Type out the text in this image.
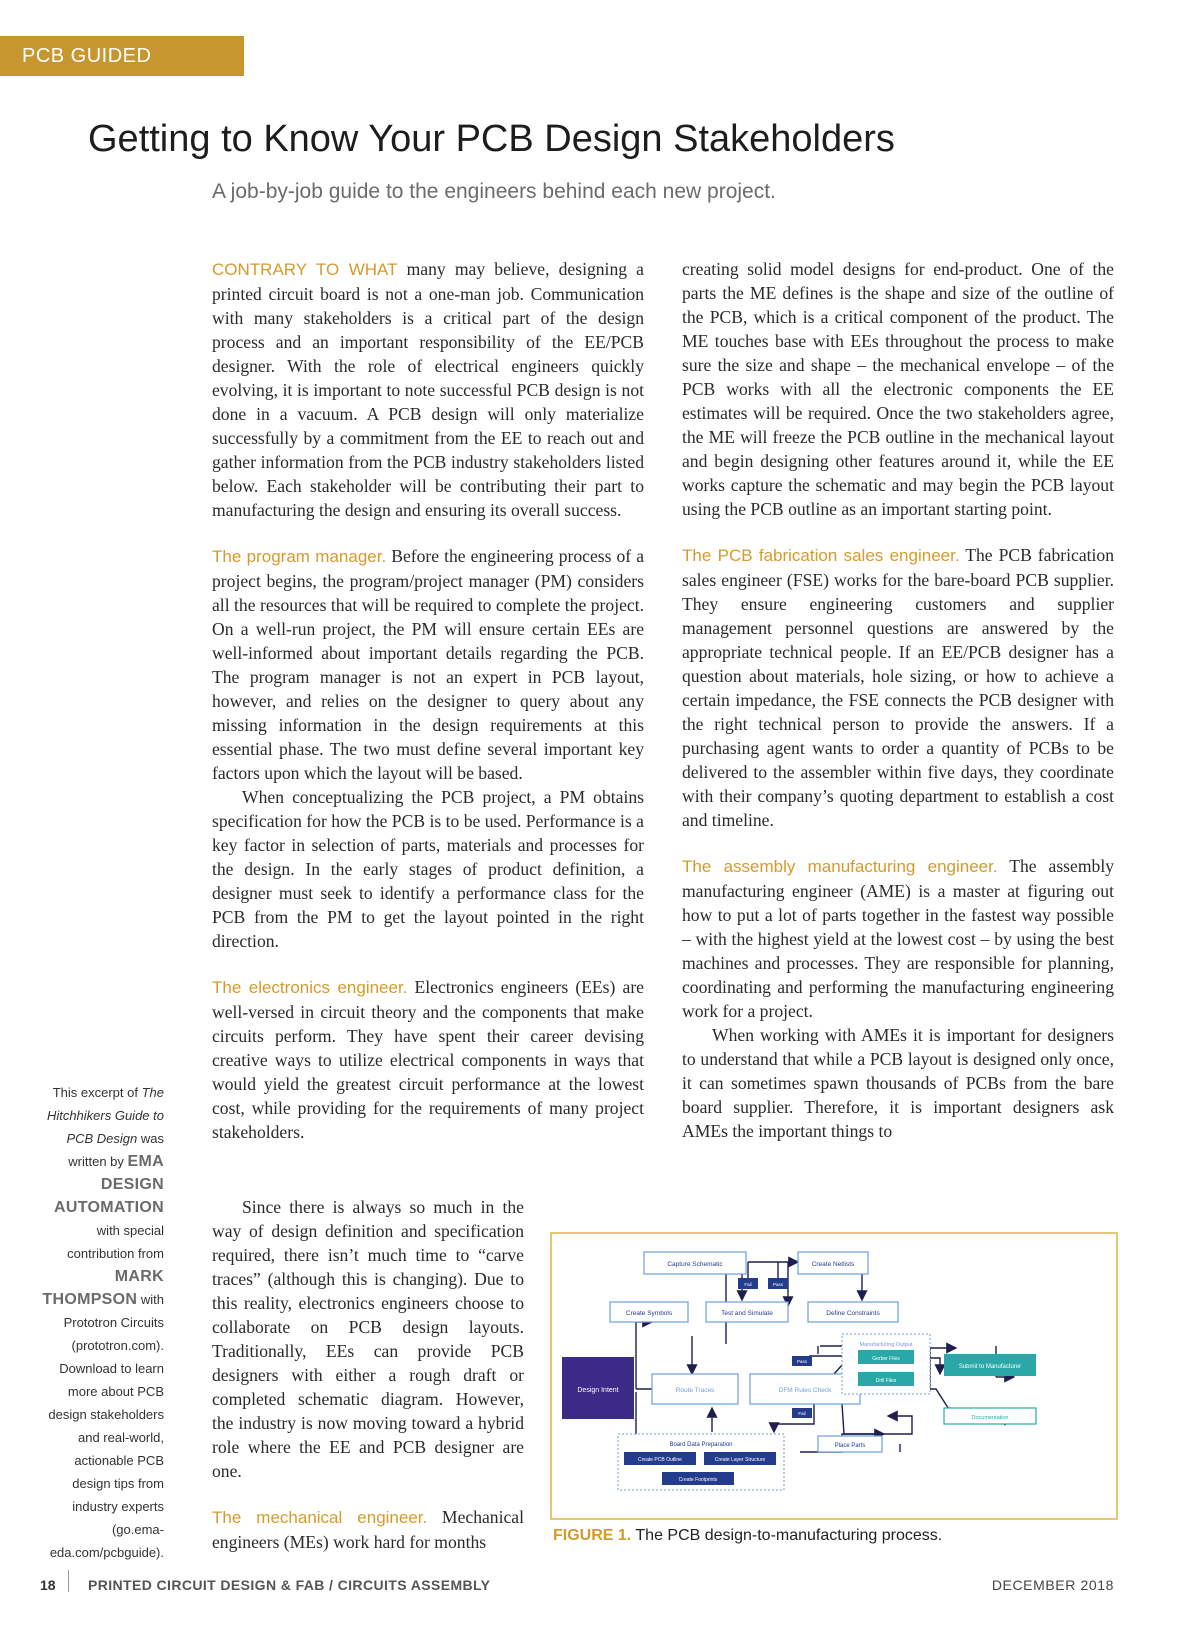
PCB GUIDEDINSIGHTS
Getting to Know Your PCB Design Stakeholders

A job-by-job guide to the engineers behind each new project.

CONTRARY TO WHAT many may believe, designing a printed circuit board is not a one-man job. Communication with many stakeholders is a critical part of the design process and an important responsibility of the EE/PCB designer. With the role of electrical engineers quickly evolving, it is important to note successful PCB design is not done in a vacuum. A PCB design will only materialize successfully by a commitment from the EE to reach out and gather information from the PCB industry stakeholders listed below. Each stakeholder will be contributing their part to manufacturing the design and ensuring its overall success.

The program manager. Before the engineering process of a project begins, the program/project manager (PM) considers all the resources that will be required to complete the project. On a well-run project, the PM will ensure certain EEs are well-informed about important details regarding the PCB. The program manager is not an expert in PCB layout, however, and relies on the designer to query about any missing information in the design requirements at this essential phase. The two must define several important key factors upon which the layout will be based.

When conceptualizing the PCB project, a PM obtains specification for how the PCB is to be used. Performance is a key factor in selection of parts, materials and processes for the design. In the early stages of product definition, a designer must seek to identify a performance class for the PCB from the PM to get the layout pointed in the right direction.

The electronics engineer. Electronics engineers (EEs) are well-versed in circuit theory and the components that make circuits perform. They have spent their career devising creative ways to utilize electrical components in ways that would yield the greatest circuit performance at the lowest cost, while providing for the requirements of many project stakeholders.

Since there is always so much in the way of design definition and specification required, there isn’t much time to “carve traces” (although this is changing). Due to this reality, electronics engineers choose to collaborate on PCB design layouts. Traditionally, EEs can provide PCB designers with either a rough draft or completed schematic diagram. However, the industry is now moving toward a hybrid role where the EE and PCB designer are one.

The mechanical engineer. Mechanical engineers (MEs) work hard for months

creating solid model designs for end-product. One of the parts the ME defines is the shape and size of the outline of the PCB, which is a critical component of the product. The ME touches base with EEs throughout the process to make sure the size and shape – the mechanical envelope – of the PCB works with all the electronic components the EE estimates will be required. Once the two stakeholders agree, the ME will freeze the PCB outline in the mechanical layout and begin designing other features around it, while the EE works capture the schematic and may begin the PCB layout using the PCB outline as an important starting point.

The PCB fabrication sales engineer. The PCB fabrication sales engineer (FSE) works for the bare-board PCB supplier. They ensure engineering customers and supplier management personnel questions are answered by the appropriate technical people. If an EE/PCB designer has a question about materials, hole sizing, or how to achieve a certain impedance, the FSE connects the PCB designer with the right technical person to provide the answers. If a purchasing agent wants to order a quantity of PCBs to be delivered to the assembler within five days, they coordinate with their company’s quoting department to establish a cost and timeline.

The assembly manufacturing engineer. The assembly manufacturing engineer (AME) is a master at figuring out how to put a lot of parts together in the fastest way possible – with the highest yield at the lowest cost – by using the best machines and processes. They are responsible for planning, coordinating and performing the manufacturing engineering work for a project.

When working with AMEs it is important for designers to understand that while a PCB layout is designed only once, it can sometimes spawn thousands of PCBs from the bare board supplier. Therefore, it is important designers ask AMEs the important things to

This excerpt of The Hitchhikers Guide to PCB Design was written by EMA DESIGN AUTOMATION with special contribution from MARK THOMPSON with Prototron Circuits (prototron.com). Download to learn more about PCB design stakeholders and real-world, actionable PCB design tips from industry experts (go.ema-eda.com/pcbguide).
Design Intent
Capture Schematic	Create Netlists
Fail	Pass
Create Symbols	Test and Simulate	Define Constraints
Route Traces	DFM Rules Check
Pass
Fail
Manufacturing Output
Gerber Files
Drill Files
Submit to Manufacturer
Documentation
Board Data Preparation
Create PCB Outline	Create Layer Structure
Create Footprints
Place Parts
FIGURE 1. The PCB design-to-manufacturing process.
18 PRINTED CIRCUIT DESIGN & FAB / CIRCUITS ASSEMBLY	DECEMBER 2018
